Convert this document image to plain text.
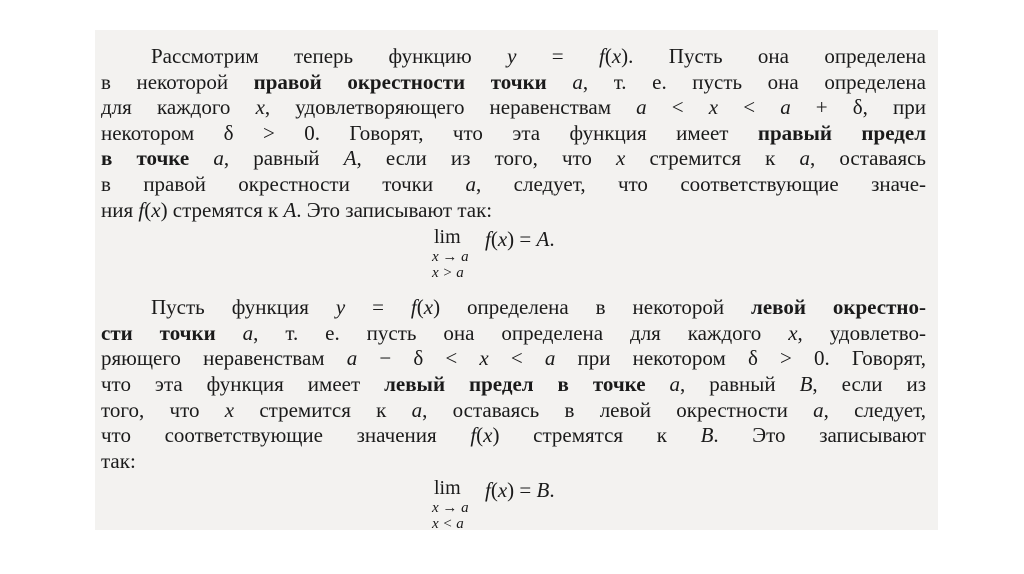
Рассмотрим теперь функцию y = f(x). Пусть она определена
в некоторой правой окрестности точки a, т. е. пусть она определена
для каждого x, удовлетворяющего неравенствам a < x < a + δ, при
некотором δ > 0. Говорят, что эта функция имеет правый предел
в точке a, равный A, если из того, что x стремится к a, оставаясь
в правой окрестности точки a, следует, что соответствующие значе-
ния f(x) стремятся к A. Это записывают так:
lim
x → a
x > a
f(x) = A.
Пусть функция y = f(x) определена в некоторой левой окрестно-
сти точки a, т. е. пусть она определена для каждого x, удовлетво-
ряющего неравенствам a − δ < x < a при некотором δ > 0. Говорят,
что эта функция имеет левый предел в точке a, равный B, если из
того, что x стремится к a, оставаясь в левой окрестности a, следует,
что соответствующие значения f(x) стремятся к B. Это записывают
так:
lim
x → a
x < a
f(x) = B.
